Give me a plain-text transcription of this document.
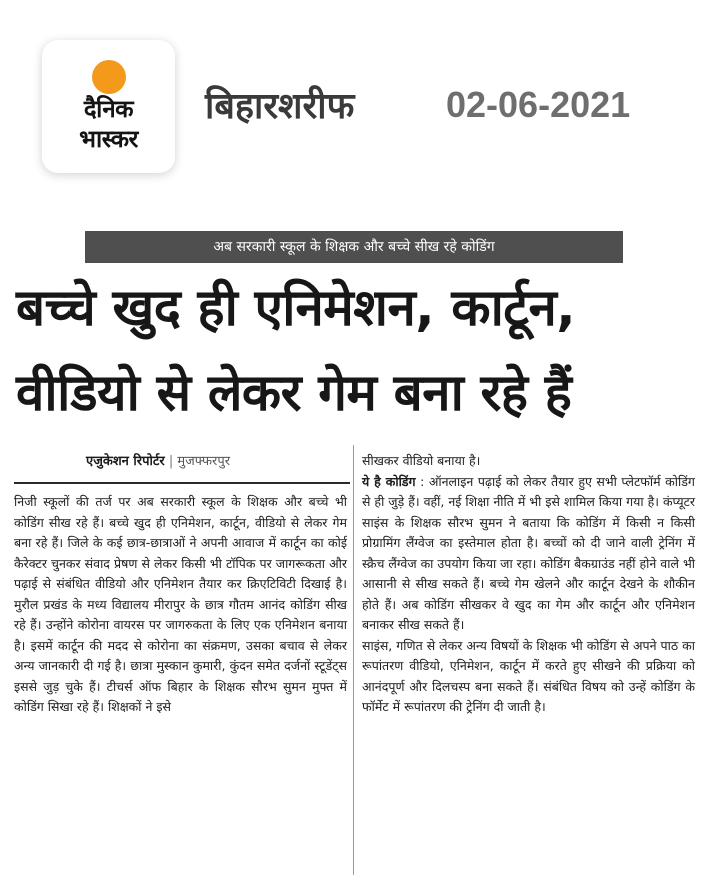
दैनिक
भास्कर
बिहारशरीफ	02-06-2021
अब सरकारी स्कूल के शिक्षक और बच्चे सीख रहे कोडिंग
बच्चे खुद ही एनिमेशन, कार्टून,
वीडियो से लेकर गेम बना रहे हैं
एजुकेशन रिपोर्टर | मुजफ्फरपुर

निजी स्कूलों की तर्ज पर अब सरकारी स्कूल के शिक्षक और बच्चे भी कोडिंग सीख रहे हैं। बच्चे खुद ही एनिमेशन, कार्टून, वीडियो से लेकर गेम बना रहे हैं। जिले के कई छात्र-छात्राओं ने अपनी आवाज में कार्टून का कोई कैरेक्टर चुनकर संवाद प्रेषण से लेकर किसी भी टॉपिक पर जागरूकता और पढ़ाई से संबंधित वीडियो और एनिमेशन तैयार कर क्रिएटिविटी दिखाई है। मुरौल प्रखंड के मध्य विद्यालय मीरापुर के छात्र गौतम आनंद कोडिंग सीख रहे हैं। उन्होंने कोरोना वायरस पर जागरुकता के लिए एक एनिमेशन बनाया है। इसमें कार्टून की मदद से कोरोना का संक्रमण, उसका बचाव से लेकर अन्य जानकारी दी गई है। छात्रा मुस्कान कुमारी, कुंदन समेत दर्जनों स्टूडेंट्स इससे जुड़ चुके हैं। टीचर्स ऑफ बिहार के शिक्षक सौरभ सुमन मुफ्त में कोडिंग सिखा रहे हैं। शिक्षकों ने इसे

सीखकर वीडियो बनाया है।

ये है कोडिंग : ऑनलाइन पढ़ाई को लेकर तैयार हुए सभी प्लेटफॉर्म कोडिंग से ही जुड़े हैं। वहीं, नई शिक्षा नीति में भी इसे शामिल किया गया है। कंप्यूटर साइंस के शिक्षक सौरभ सुमन ने बताया कि कोडिंग में किसी न किसी प्रोग्रामिंग लैंग्वेज का इस्तेमाल होता है। बच्चों को दी जाने वाली ट्रेनिंग में स्क्रैच लैंग्वेज का उपयोग किया जा रहा। कोडिंग बैकग्राउंड नहीं होने वाले भी आसानी से सीख सकते हैं। बच्चे गेम खेलने और कार्टून देखने के शौकीन होते हैं। अब कोडिंग सीखकर वे खुद का गेम और कार्टून और एनिमेशन बनाकर सीख सकते हैं।

साइंस, गणित से लेकर अन्य विषयों के शिक्षक भी कोडिंग से अपने पाठ का रूपांतरण वीडियो, एनिमेशन, कार्टून में करते हुए सीखने की प्रक्रिया को आनंदपूर्ण और दिलचस्प बना सकते हैं। संबंधित विषय को उन्हें कोडिंग के फॉर्मेट में रूपांतरण की ट्रेनिंग दी जाती है।
